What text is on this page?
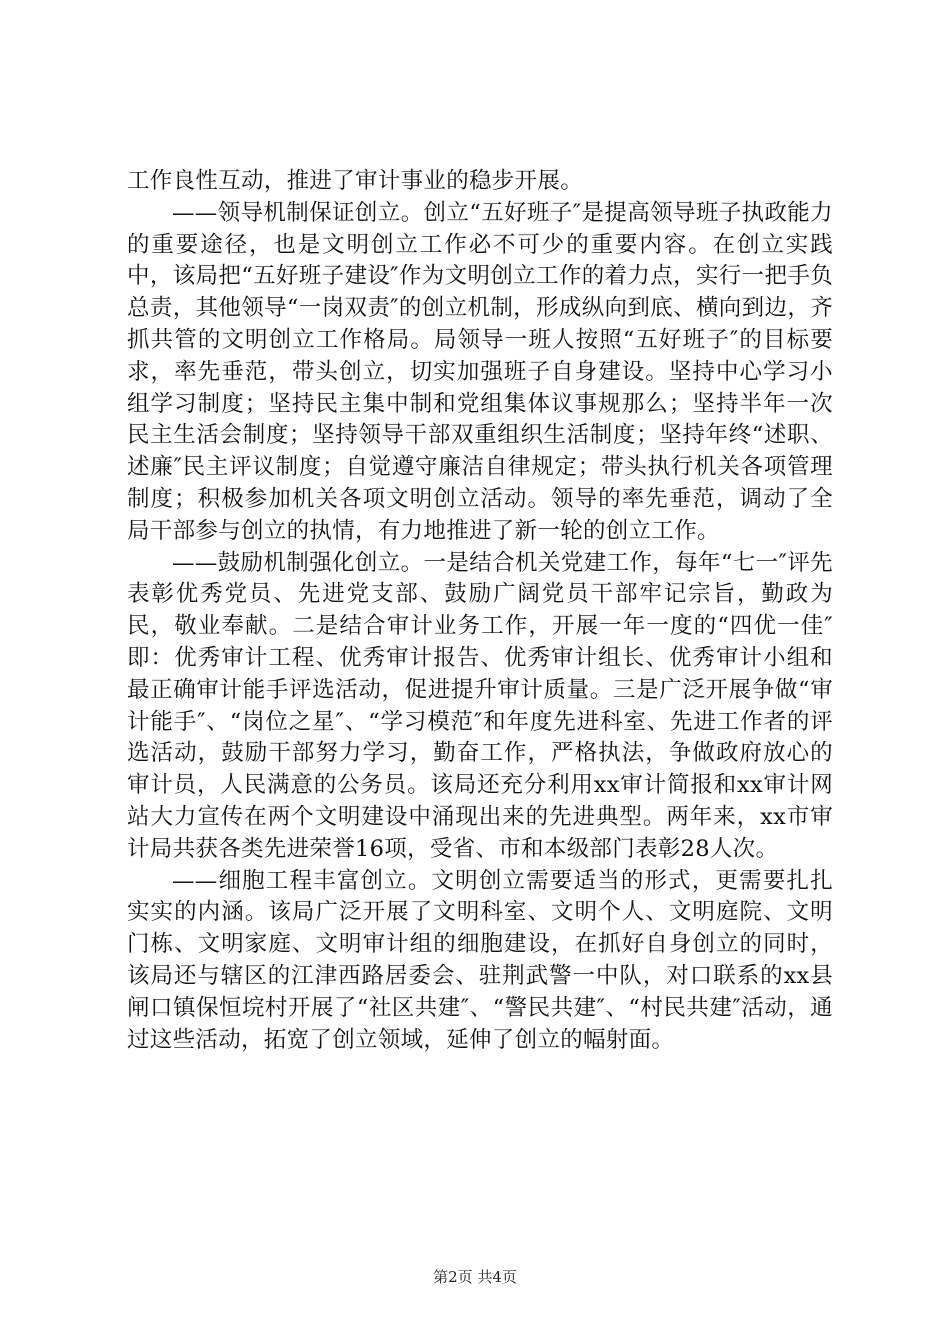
工作良性互动，推进了审计事业的稳步开展。

——领导机制保证创立。创立“五好班子″是提高领导班子执政能力的重要途径，也是文明创立工作必不可少的重要内容。在创立实践中，该局把“五好班子建设″作为文明创立工作的着力点，实行一把手负总责，其他领导“一岗双责″的创立机制，形成纵向到底、横向到边，齐抓共管的文明创立工作格局。局领导一班人按照“五好班子″的目标要求，率先垂范，带头创立，切实加强班子自身建设。坚持中心学习小组学习制度；坚持民主集中制和党组集体议事规那么；坚持半年一次民主生活会制度；坚持领导干部双重组织生活制度；坚持年终“述职、述廉″民主评议制度；自觉遵守廉洁自律规定；带头执行机关各项管理制度；积极参加机关各项文明创立活动。领导的率先垂范，调动了全局干部参与创立的执情，有力地推进了新一轮的创立工作。

——鼓励机制强化创立。一是结合机关党建工作，每年“七一″评先表彰优秀党员、先进党支部、鼓励广阔党员干部牢记宗旨，勤政为民，敬业奉献。二是结合审计业务工作，开展一年一度的“四优一佳″即：优秀审计工程、优秀审计报告、优秀审计组长、优秀审计小组和最正确审计能手评选活动，促进提升审计质量。三是广泛开展争做“审计能手″、“岗位之星″、“学习模范″和年度先进科室、先进工作者的评选活动，鼓励干部努力学习，勤奋工作，严格执法，争做政府放心的审计员，人民满意的公务员。该局还充分利用xx审计简报和xx审计网站大力宣传在两个文明建设中涌现出来的先进典型。两年来，xx市审计局共获各类先进荣誉16项，受省、市和本级部门表彰28人次。

——细胞工程丰富创立。文明创立需要适当的形式，更需要扎扎实实的内涵。该局广泛开展了文明科室、文明个人、文明庭院、文明门栋、文明家庭、文明审计组的细胞建设，在抓好自身创立的同时，该局还与辖区的江津西路居委会、驻荆武警一中队，对口联系的xx县闸口镇保恒垸村开展了“社区共建″、“警民共建″、“村民共建″活动，通过这些活动，拓宽了创立领域，延伸了创立的幅射面。

第2页 共4页
